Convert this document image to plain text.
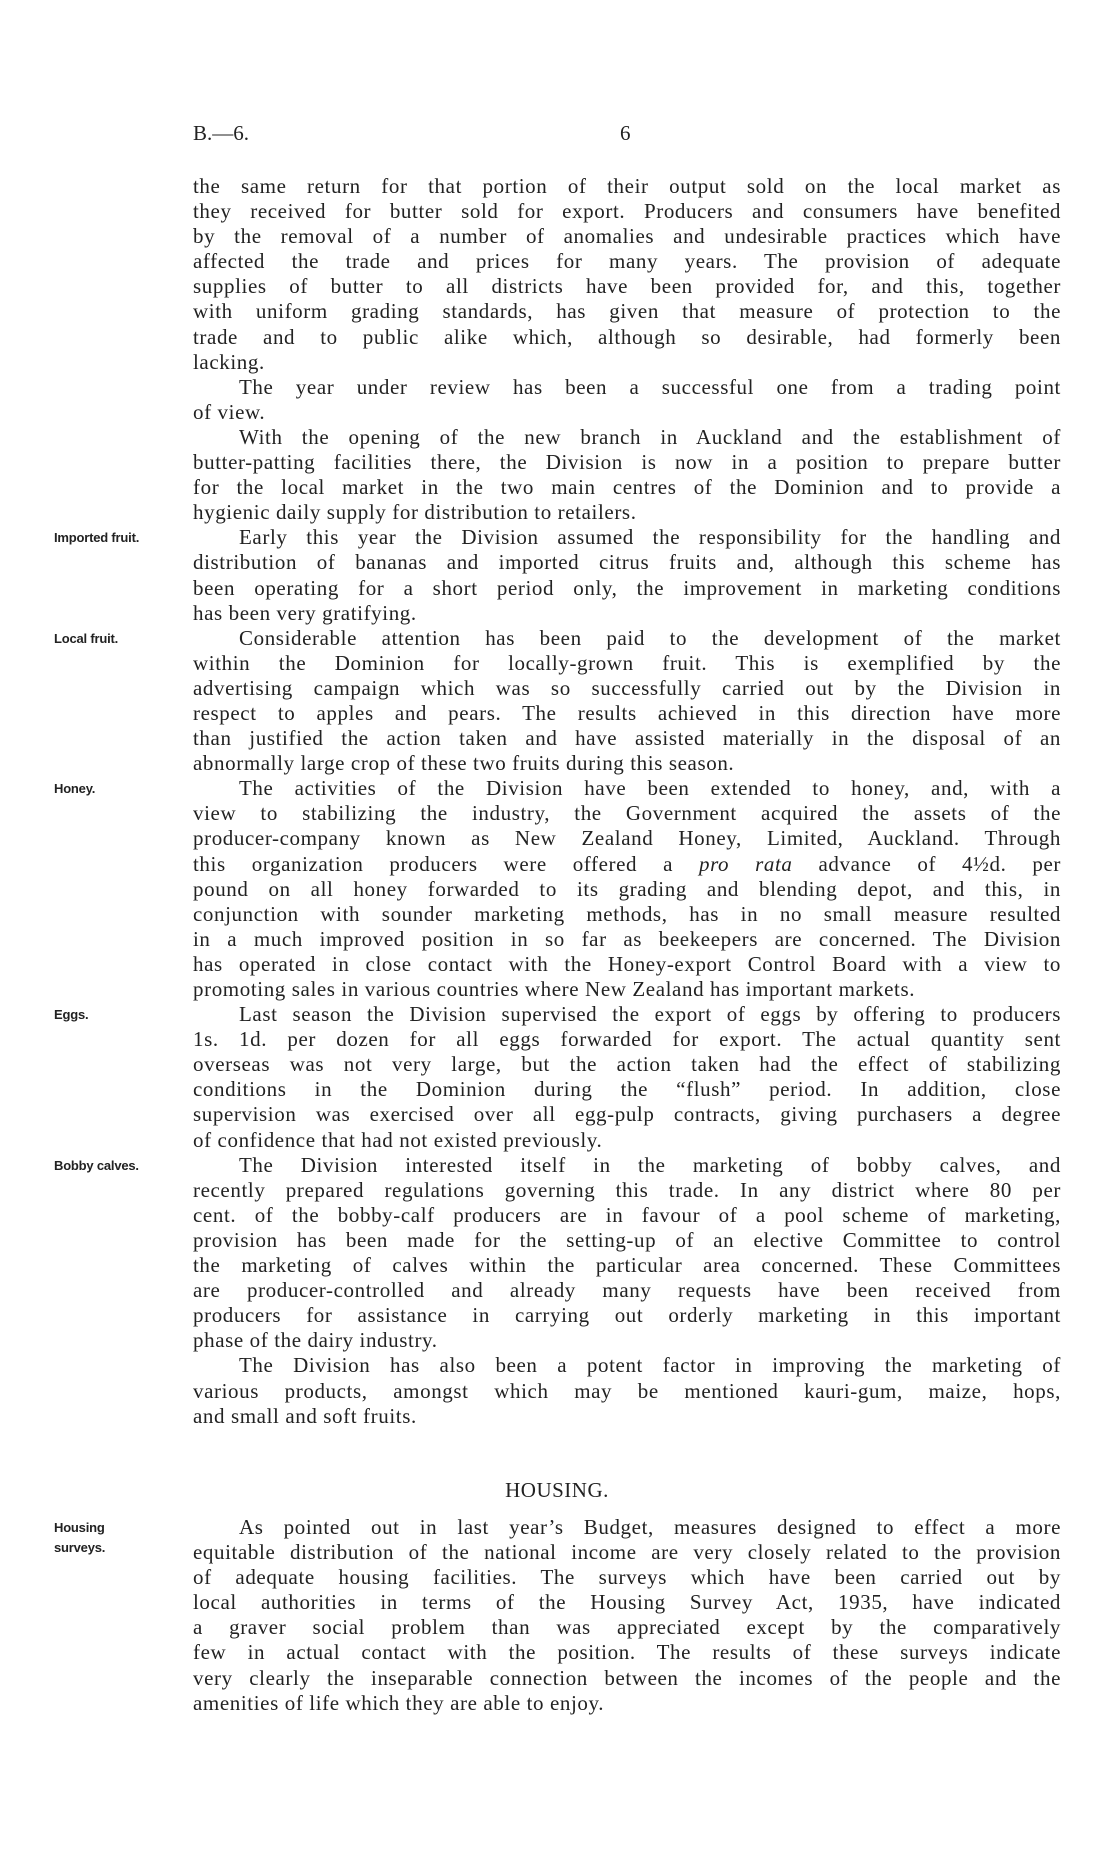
B.—6.	6
the same return for that portion of their output sold on the local market as
they received for butter sold for export. Producers and consumers have benefited
by the removal of a number of anomalies and undesirable practices which have
affected the trade and prices for many years. The provision of adequate
supplies of butter to all districts have been provided for, and this, together
with uniform grading standards, has given that measure of protection to the
trade and to public alike which, although so desirable, had formerly been
lacking.
The year under review has been a successful one from a trading point
of view.
With the opening of the new branch in Auckland and the establishment of
butter-patting facilities there, the Division is now in a position to prepare butter
for the local market in the two main centres of the Dominion and to provide a
hygienic daily supply for distribution to retailers.
Imported fruit.	Early this year the Division assumed the responsibility for the handling and
distribution of bananas and imported citrus fruits and, although this scheme has
been operating for a short period only, the improvement in marketing conditions
has been very gratifying.
Local fruit.	Considerable attention has been paid to the development of the market
within the Dominion for locally-grown fruit. This is exemplified by the
advertising campaign which was so successfully carried out by the Division in
respect to apples and pears. The results achieved in this direction have more
than justified the action taken and have assisted materially in the disposal of an
abnormally large crop of these two fruits during this season.
Honey.	The activities of the Division have been extended to honey, and, with a
view to stabilizing the industry, the Government acquired the assets of the
producer-company known as New Zealand Honey, Limited, Auckland. Through
this organization producers were offered a pro rata advance of 4½d. per
pound on all honey forwarded to its grading and blending depot, and this, in
conjunction with sounder marketing methods, has in no small measure resulted
in a much improved position in so far as beekeepers are concerned. The Division
has operated in close contact with the Honey-export Control Board with a view to
promoting sales in various countries where New Zealand has important markets.
Eggs.	Last season the Division supervised the export of eggs by offering to producers
1s. 1d. per dozen for all eggs forwarded for export. The actual quantity sent
overseas was not very large, but the action taken had the effect of stabilizing
conditions in the Dominion during the “flush” period. In addition, close
supervision was exercised over all egg-pulp contracts, giving purchasers a degree
of confidence that had not existed previously.
Bobby calves.	The Division interested itself in the marketing of bobby calves, and
recently prepared regulations governing this trade. In any district where 80 per
cent. of the bobby-calf producers are in favour of a pool scheme of marketing,
provision has been made for the setting-up of an elective Committee to control
the marketing of calves within the particular area concerned. These Committees
are producer-controlled and already many requests have been received from
producers for assistance in carrying out orderly marketing in this important
phase of the dairy industry.
The Division has also been a potent factor in improving the marketing of
various products, amongst which may be mentioned kauri-gum, maize, hops,
and small and soft fruits.
HOUSING.
Housing
surveys.
As pointed out in last year’s Budget, measures designed to effect a more
equitable distribution of the national income are very closely related to the provision
of adequate housing facilities. The surveys which have been carried out by
local authorities in terms of the Housing Survey Act, 1935, have indicated
a graver social problem than was appreciated except by the comparatively
few in actual contact with the position. The results of these surveys indicate
very clearly the inseparable connection between the incomes of the people and the
amenities of life which they are able to enjoy.
